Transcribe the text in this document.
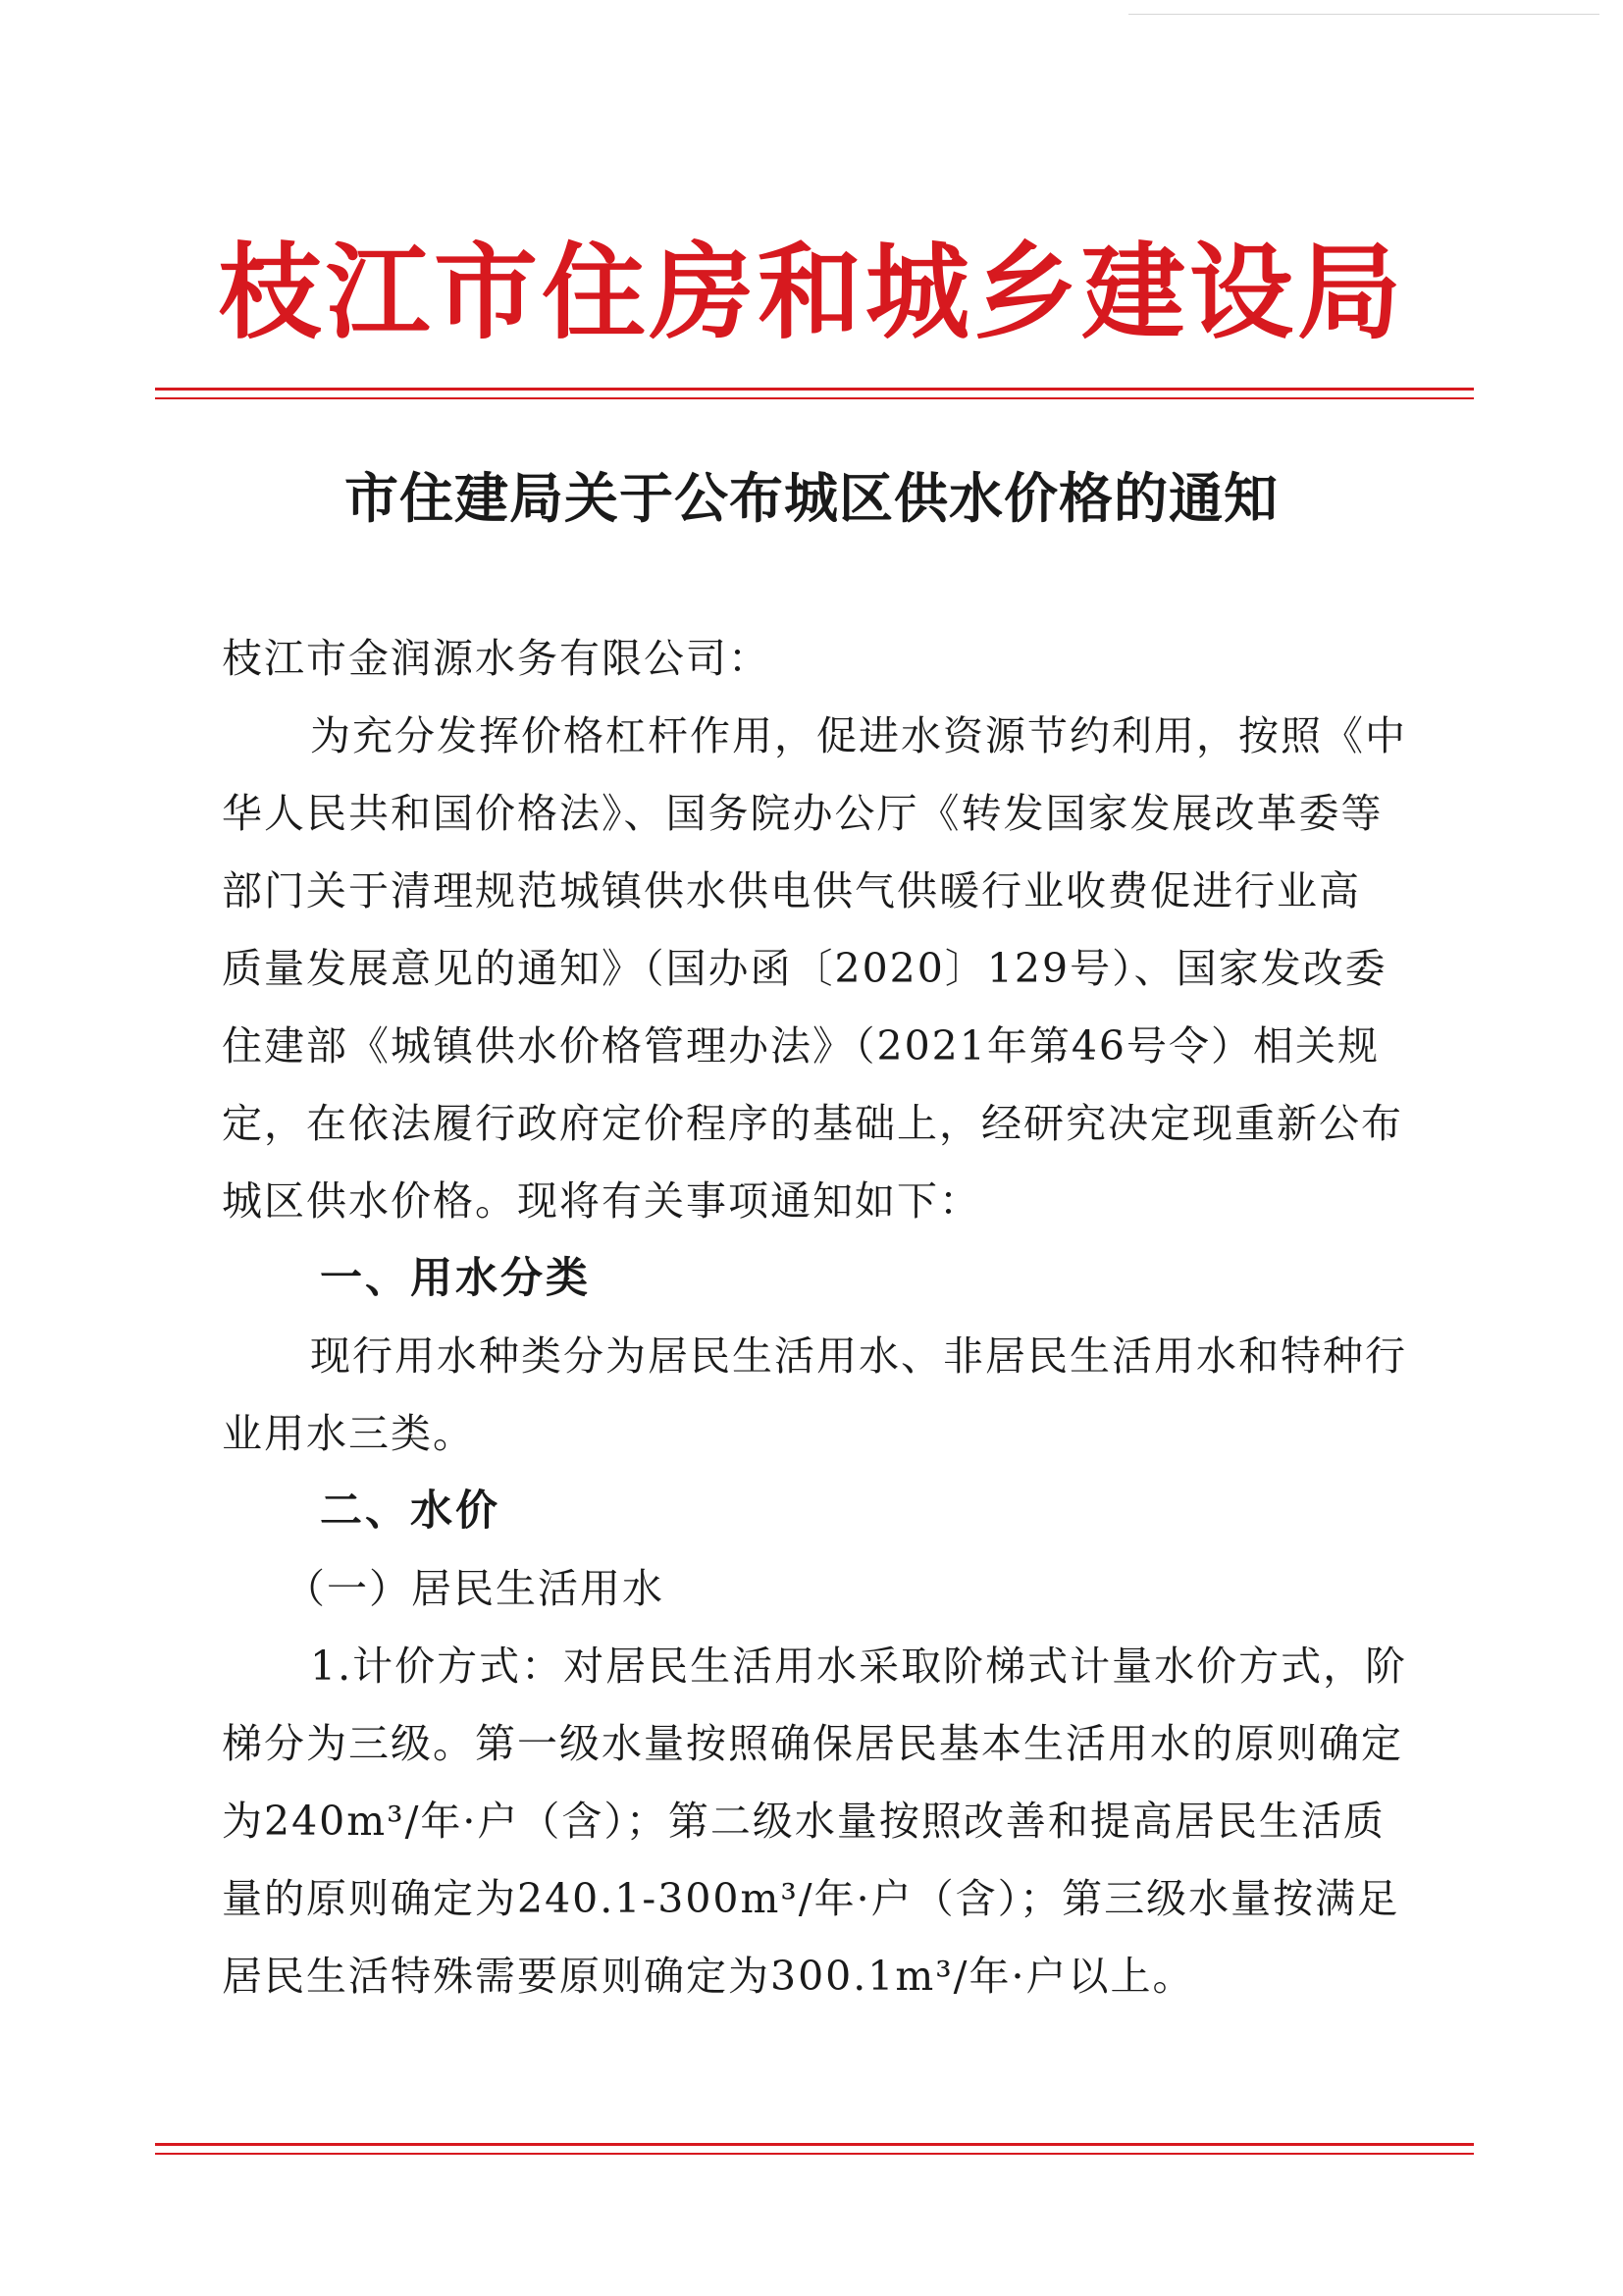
枝江市住房和城乡建设局
市住建局关于公布城区供水价格的通知
枝江市金润源水务有限公司：
为充分发挥价格杠杆作用，促进水资源节约利用，按照《中
华人民共和国价格法》、国务院办公厅《转发国家发展改革委等
部门关于清理规范城镇供水供电供气供暖行业收费促进行业高
质量发展意见的通知》（国办函〔2020〕129号）、国家发改委
住建部《城镇供水价格管理办法》（2021年第46号令）相关规
定，在依法履行政府定价程序的基础上，经研究决定现重新公布
城区供水价格。现将有关事项通知如下：
一、用水分类
现行用水种类分为居民生活用水、非居民生活用水和特种行
业用水三类。
二、水价
（一）居民生活用水
1.计价方式：对居民生活用水采取阶梯式计量水价方式，阶
梯分为三级。第一级水量按照确保居民基本生活用水的原则确定
为240m³/年·户（含）；第二级水量按照改善和提高居民生活质
量的原则确定为240.1-300m³/年·户（含）；第三级水量按满足
居民生活特殊需要原则确定为300.1m³/年·户以上。
